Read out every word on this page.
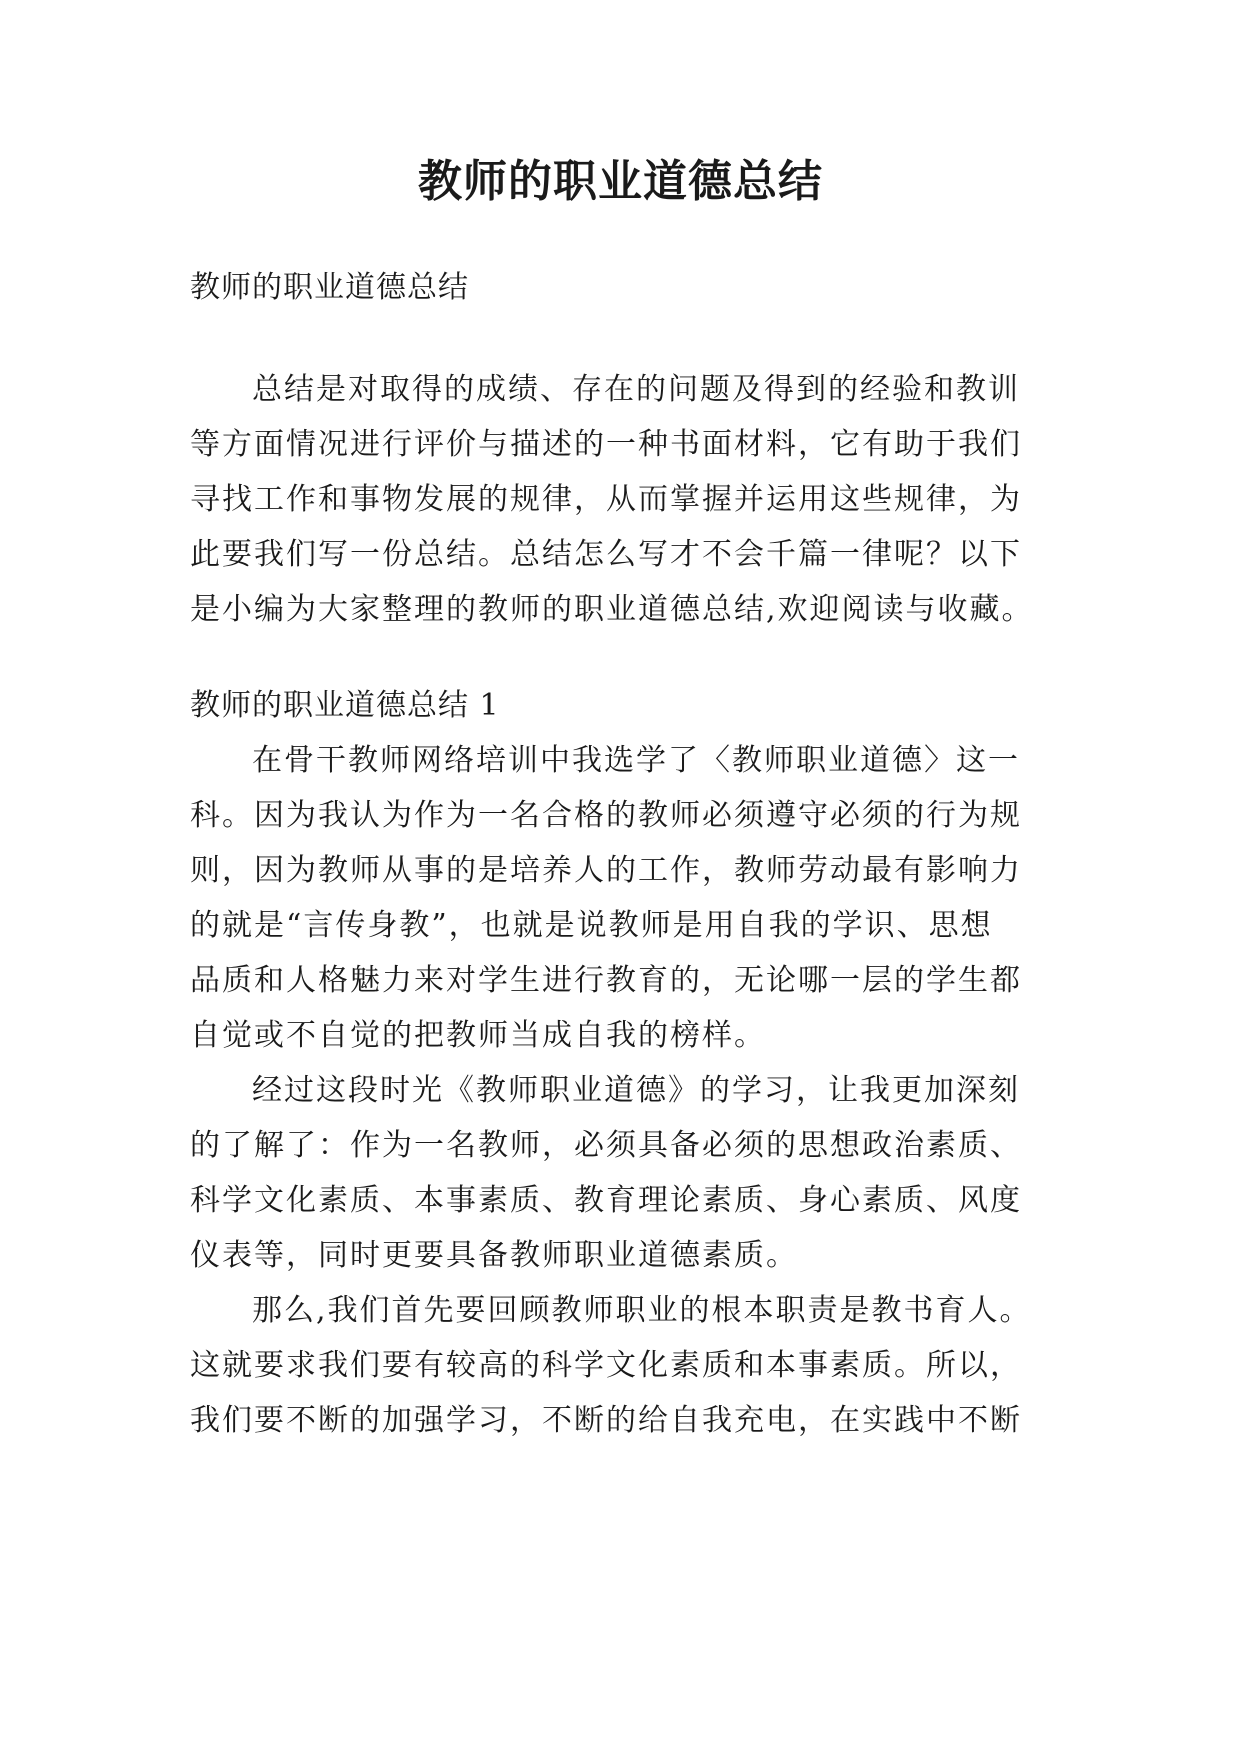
教师的职业道德总结
教师的职业道德总结
总结是对取得的成绩、存在的问题及得到的经验和教训
等方面情况进行评价与描述的一种书面材料，它有助于我们
寻找工作和事物发展的规律，从而掌握并运用这些规律，为
此要我们写一份总结。总结怎么写才不会千篇一律呢？以下
是小编为大家整理的教师的职业道德总结,欢迎阅读与收藏。
教师的职业道德总结 1
在骨干教师网络培训中我选学了〈教师职业道德〉这一
科。因为我认为作为一名合格的教师必须遵守必须的行为规
则，因为教师从事的是培养人的工作，教师劳动最有影响力
的就是“言传身教”，也就是说教师是用自我的学识、思想
品质和人格魅力来对学生进行教育的，无论哪一层的学生都
自觉或不自觉的把教师当成自我的榜样。
经过这段时光《教师职业道德》的学习，让我更加深刻
的了解了：作为一名教师，必须具备必须的思想政治素质、
科学文化素质、本事素质、教育理论素质、身心素质、风度
仪表等，同时更要具备教师职业道德素质。
那么,我们首先要回顾教师职业的根本职责是教书育人。
这就要求我们要有较高的科学文化素质和本事素质。所以，
我们要不断的加强学习，不断的给自我充电，在实践中不断
